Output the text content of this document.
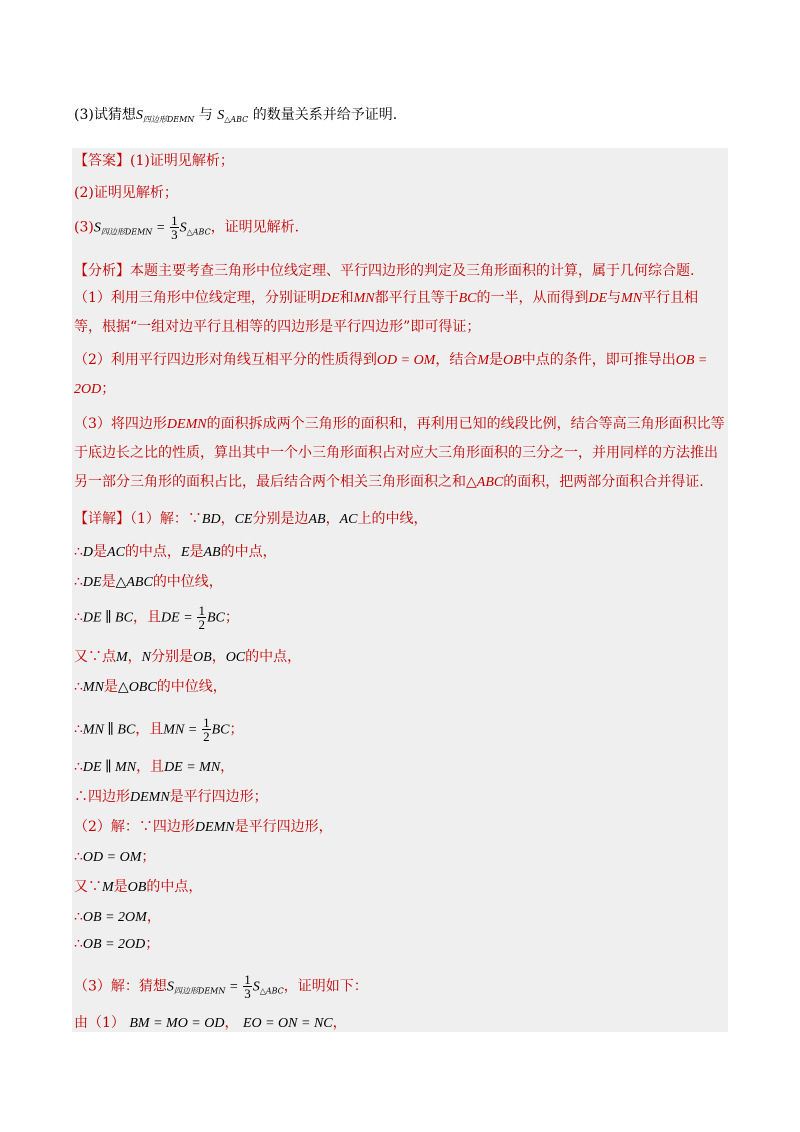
(3)试猜想$S_{四边形DEMN}$ 与 $S_{\triangle ABC}$ 的数量关系并给予证明.
【答案】(1)证明见解析；
(2)证明见解析；
$(3)S_{四边形DEMN} = \frac{1}{3} S_{\triangle ABC}$，证明见解析.
【分析】本题主要考查三角形中位线定理、平行四边形的判定及三角形面积的计算，属于几何综合题.
（1）利用三角形中位线定理，分别证明DE和MN都平行且等于BC的一半，从而得到DE与MN平行且相等，根据“一组对边平行且相等的四边形是平行四边形”即可得证；
（2）利用平行四边形对角线互相平分的性质得到OD = OM，结合M是OB中点的条件，即可推导出OB = 2OD；
（3）将四边形DEMN的面积拆成两个三角形的面积和，再利用已知的线段比例，结合等高三角形面积比等于底边长之比的性质，算出其中一个小三角形面积占对应大三角形面积的三分之一，并用同样的方法推出另一部分三角形的面积占比，最后结合两个相关三角形面积之和△ABC的面积，把两部分面积合并得证.
【详解】（1）解：∵BD，CE分别是边AB，AC上的中线，
∴D是AC的中点，E是AB的中点，
∴DE是△ABC的中位线，
∴DE ∥ BC，且DE = $\frac{1}{2}$ BC；
又∵点M，N分别是OB，OC的中点，
∴MN是△OBC的中位线，
∴MN ∥ BC，且MN = $\frac{1}{2}$ BC；
∴DE ∥ MN，且DE = MN，
∴四边形DEMN是平行四边形；
（2）解：∵四边形DEMN是平行四边形，
∴OD = OM；
又∵M是OB的中点，
∴OB = 2OM，
∴OB = 2OD；
（3）解：猜想$S_{四边形DEMN} = \frac{1}{3} S_{\triangle ABC}$，证明如下：
由（1） BM = MO = OD， EO = ON = NC，
